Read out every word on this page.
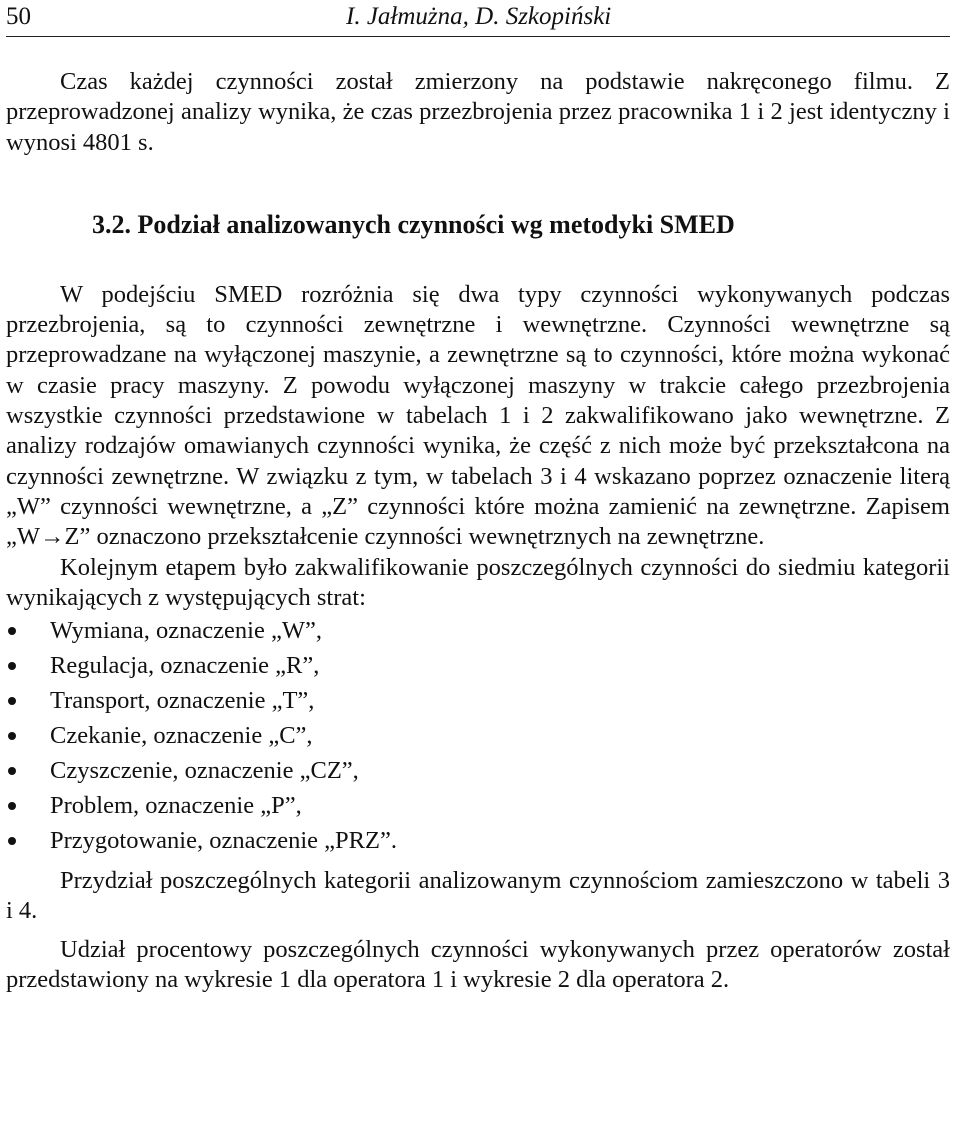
50	I. Jałmużna, D. Szkopiński

Czas każdej czynności został zmierzony na podstawie nakręconego filmu. Z przeprowadzonej analizy wynika, że czas przezbrojenia przez pracownika 1 i 2 jest identyczny i wynosi 4801 s.

3.2. Podział analizowanych czynności wg metodyki SMED

W podejściu SMED rozróżnia się dwa typy czynności wykonywanych podczas przezbrojenia, są to czynności zewnętrzne i wewnętrzne. Czynności wewnętrzne są przeprowadzane na wyłączonej maszynie, a zewnętrzne są to czynności, które można wykonać w czasie pracy maszyny. Z powodu wyłączonej maszyny w trakcie całego przezbrojenia wszystkie czynności przedstawione w tabelach 1 i 2 zakwalifikowano jako wewnętrzne. Z analizy rodzajów omawianych czynności wynika, że część z nich może być przekształcona na czynności zewnętrzne. W związku z tym, w tabelach 3 i 4 wskazano poprzez oznaczenie literą „W” czynności wewnętrzne, a „Z” czynności które można zamienić na zewnętrzne. Zapisem „W→Z” oznaczono przekształcenie czynności wewnętrznych na zewnętrzne.

Kolejnym etapem było zakwalifikowanie poszczególnych czynności do siedmiu kategorii wynikających z występujących strat:

Wymiana, oznaczenie „W”,
Regulacja, oznaczenie „R”,
Transport, oznaczenie „T”,
Czekanie, oznaczenie „C”,
Czyszczenie, oznaczenie „CZ”,
Problem, oznaczenie „P”,
Przygotowanie, oznaczenie „PRZ”.

Przydział poszczególnych kategorii analizowanym czynnościom zamieszczono w tabeli 3 i 4.

Udział procentowy poszczególnych czynności wykonywanych przez operatorów został przedstawiony na wykresie 1 dla operatora 1 i wykresie 2 dla operatora 2.
